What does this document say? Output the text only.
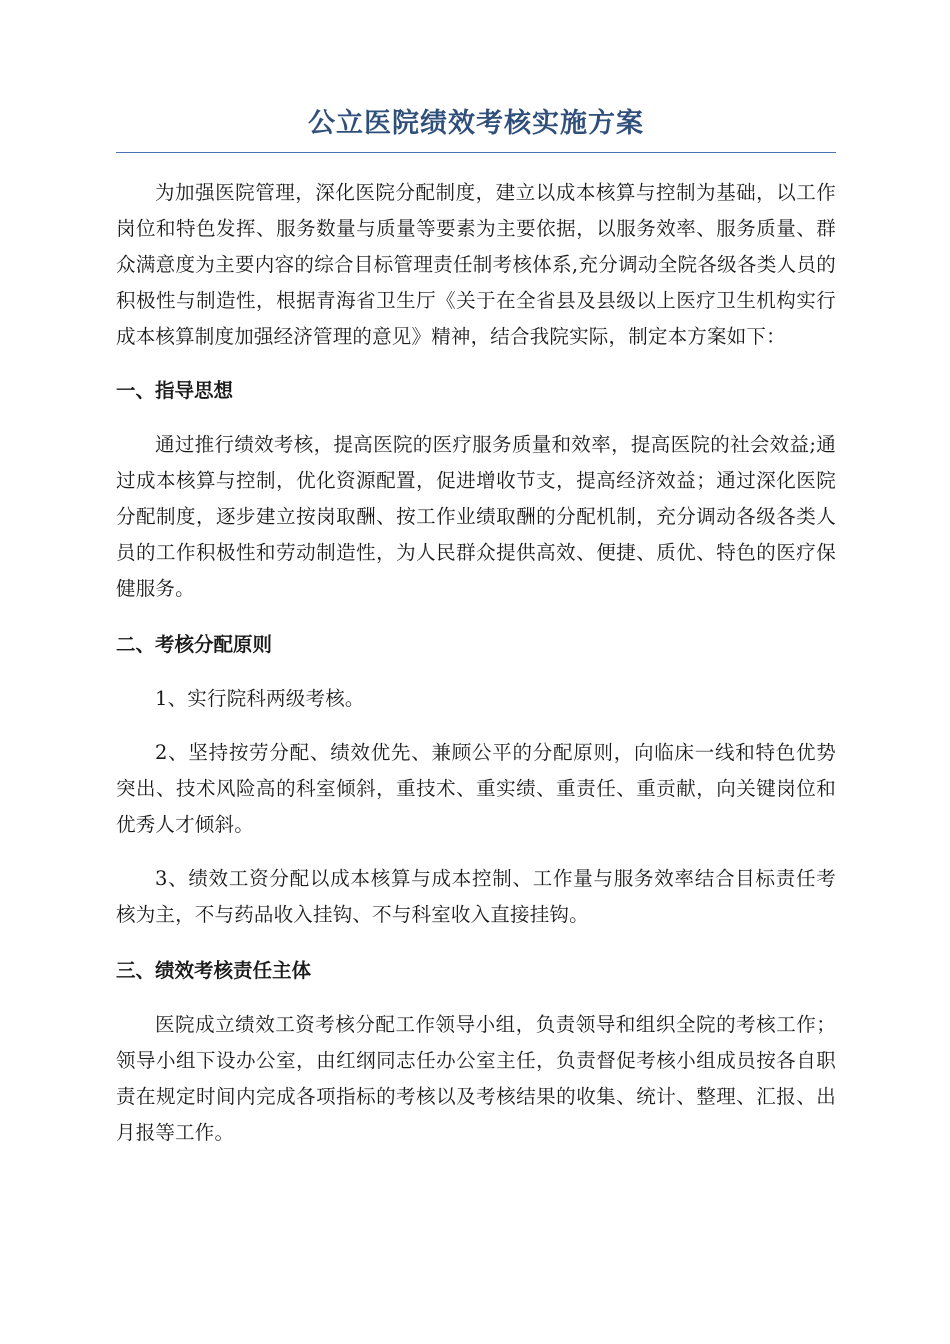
公立医院绩效考核实施方案

为加强医院管理，深化医院分配制度，建立以成本核算与控制为基础，以工作岗位和特色发挥、服务数量与质量等要素为主要依据，以服务效率、服务质量、群众满意度为主要内容的综合目标管理责任制考核体系,充分调动全院各级各类人员的积极性与制造性，根据青海省卫生厅《关于在全省县及县级以上医疗卫生机构实行成本核算制度加强经济管理的意见》精神，结合我院实际，制定本方案如下：

一、指导思想

通过推行绩效考核，提高医院的医疗服务质量和效率，提高医院的社会效益;通过成本核算与控制，优化资源配置，促进增收节支，提高经济效益；通过深化医院分配制度，逐步建立按岗取酬、按工作业绩取酬的分配机制，充分调动各级各类人员的工作积极性和劳动制造性，为人民群众提供高效、便捷、质优、特色的医疗保健服务。

二、考核分配原则

1、实行院科两级考核。

2、坚持按劳分配、绩效优先、兼顾公平的分配原则，向临床一线和特色优势突出、技术风险高的科室倾斜，重技术、重实绩、重责任、重贡献，向关键岗位和优秀人才倾斜。

3、绩效工资分配以成本核算与成本控制、工作量与服务效率结合目标责任考核为主，不与药品收入挂钩、不与科室收入直接挂钩。

三、绩效考核责任主体

医院成立绩效工资考核分配工作领导小组，负责领导和组织全院的考核工作；领导小组下设办公室，由红纲同志任办公室主任，负责督促考核小组成员按各自职责在规定时间内完成各项指标的考核以及考核结果的收集、统计、整理、汇报、出月报等工作。
